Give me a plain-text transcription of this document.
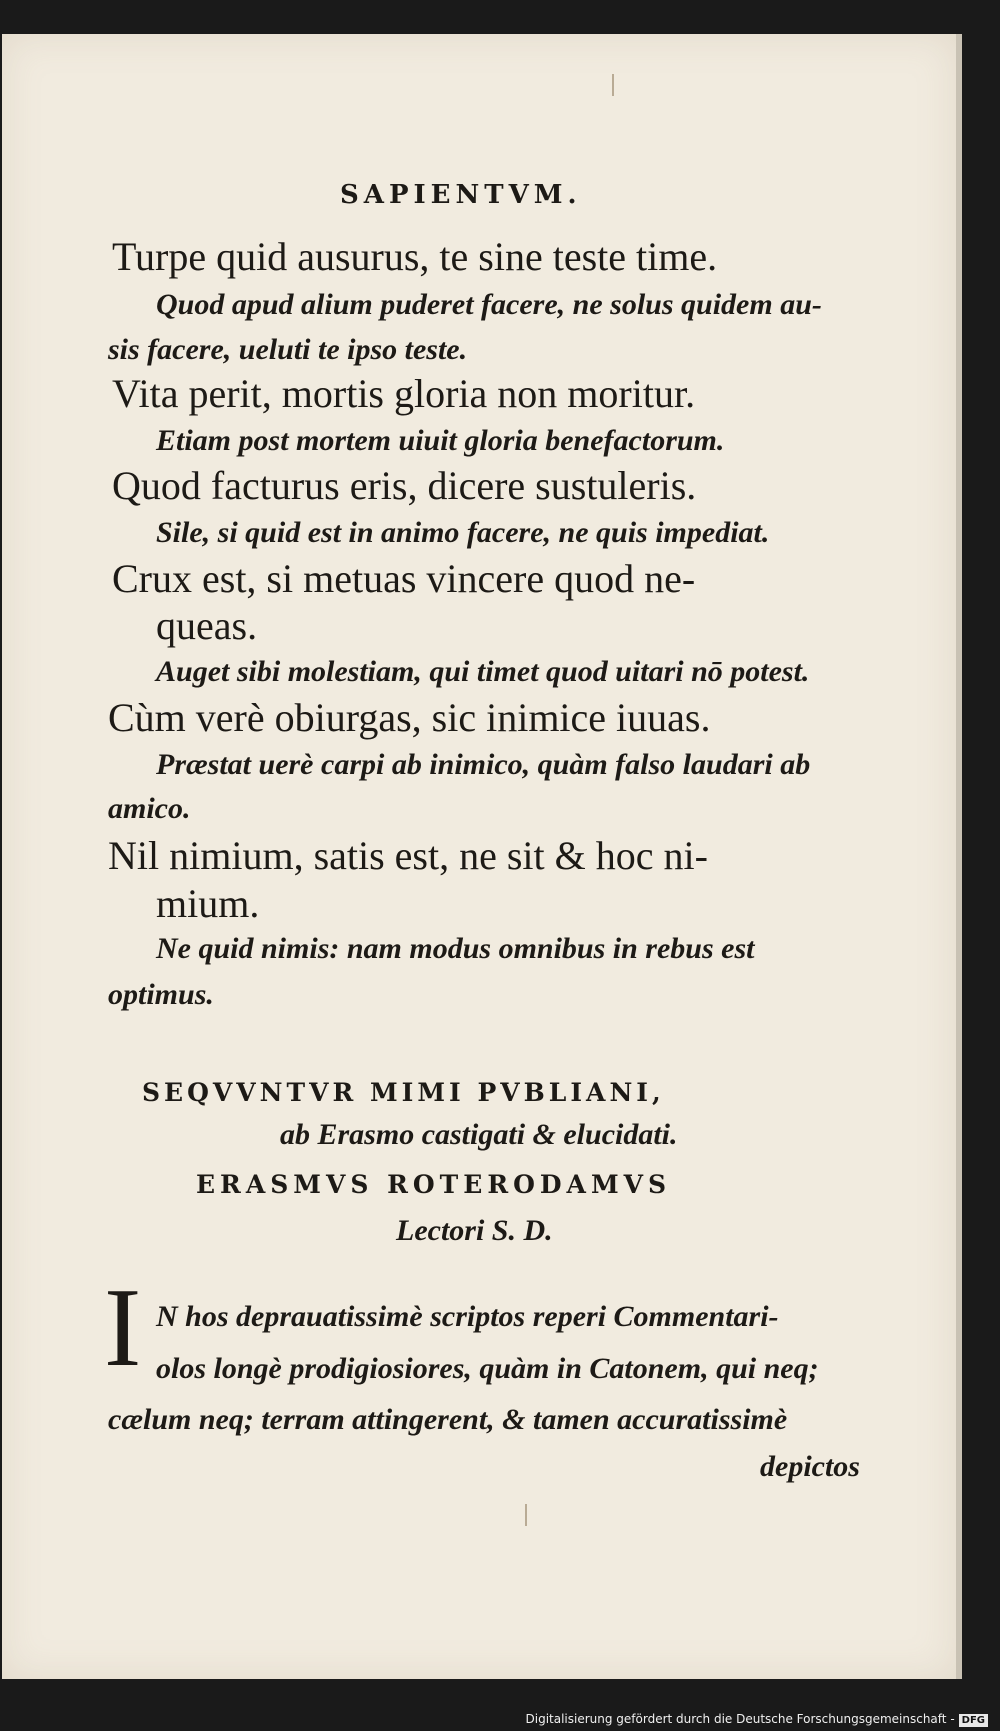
SAPIENTVM.
Turpe quid ausurus, te sine teste time.
Quod apud alium puderet facere, ne solus quidem au-
sis facere, ueluti te ipso teste.
Vita perit, mortis gloria non moritur.
Etiam post mortem uiuit gloria benefactorum.
Quod facturus eris, dicere sustuleris.
Sile, si quid est in animo facere, ne quis impediat.
Crux est, si metuas vincere quod ne-
queas.
Auget sibi molestiam, qui timet quod uitari nō potest.
Cùm verè obiurgas, sic inimice iuuas.
Præstat uerè carpi ab inimico, quàm falso laudari ab
amico.
Nil nimium, satis est, ne sit & hoc ni-
mium.
Ne quid nimis: nam modus omnibus in rebus est
optimus.
SEQVVNTVR MIMI PVBLIANI,
ab Erasmo castigati & elucidati.
ERASMVS ROTERODAMVS
Lectori S. D.
I N hos deprauatissimè scriptos reperi Commentari-
olos longè prodigiosiores, quàm in Catonem, qui neq;
cælum neq; terram attingerent, & tamen accuratissimè
depictos
Digitalisierung gefördert durch die Deutsche Forschungsgemeinschaft - DFG
